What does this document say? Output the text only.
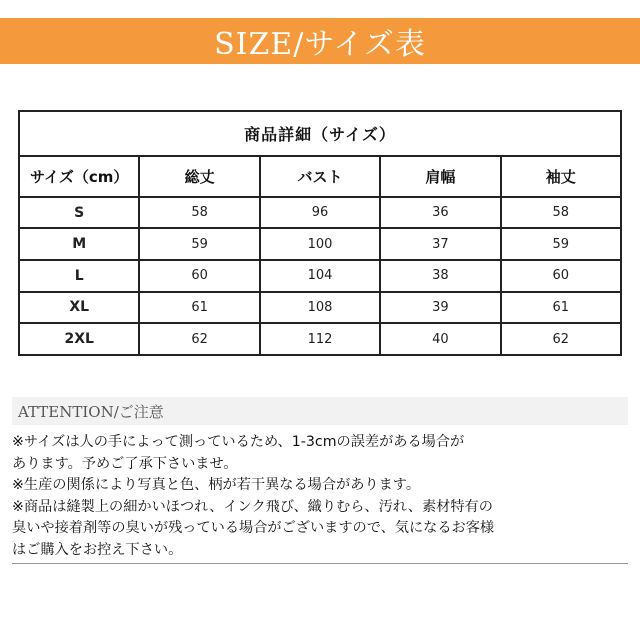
SIZE/サイズ表
商品詳細（サイズ）				
サイズ（cm）	総丈	バスト	肩幅	袖丈
S	58	96	36	58
M	59	100	37	59
L	60	104	38	60
XL	61	108	39	61
2XL	62	112	40	62
ATTENTION/ご注意
※サイズは人の手によって測っているため、1-3cmの誤差がある場合が
あります。予めご了承下さいませ。
※生産の関係により写真と色、柄が若干異なる場合があります。
※商品は縫製上の細かいほつれ、インク飛び、織りむら、汚れ、素材特有の
臭いや接着剤等の臭いが残っている場合がございますので、気になるお客様
はご購入をお控え下さい。
